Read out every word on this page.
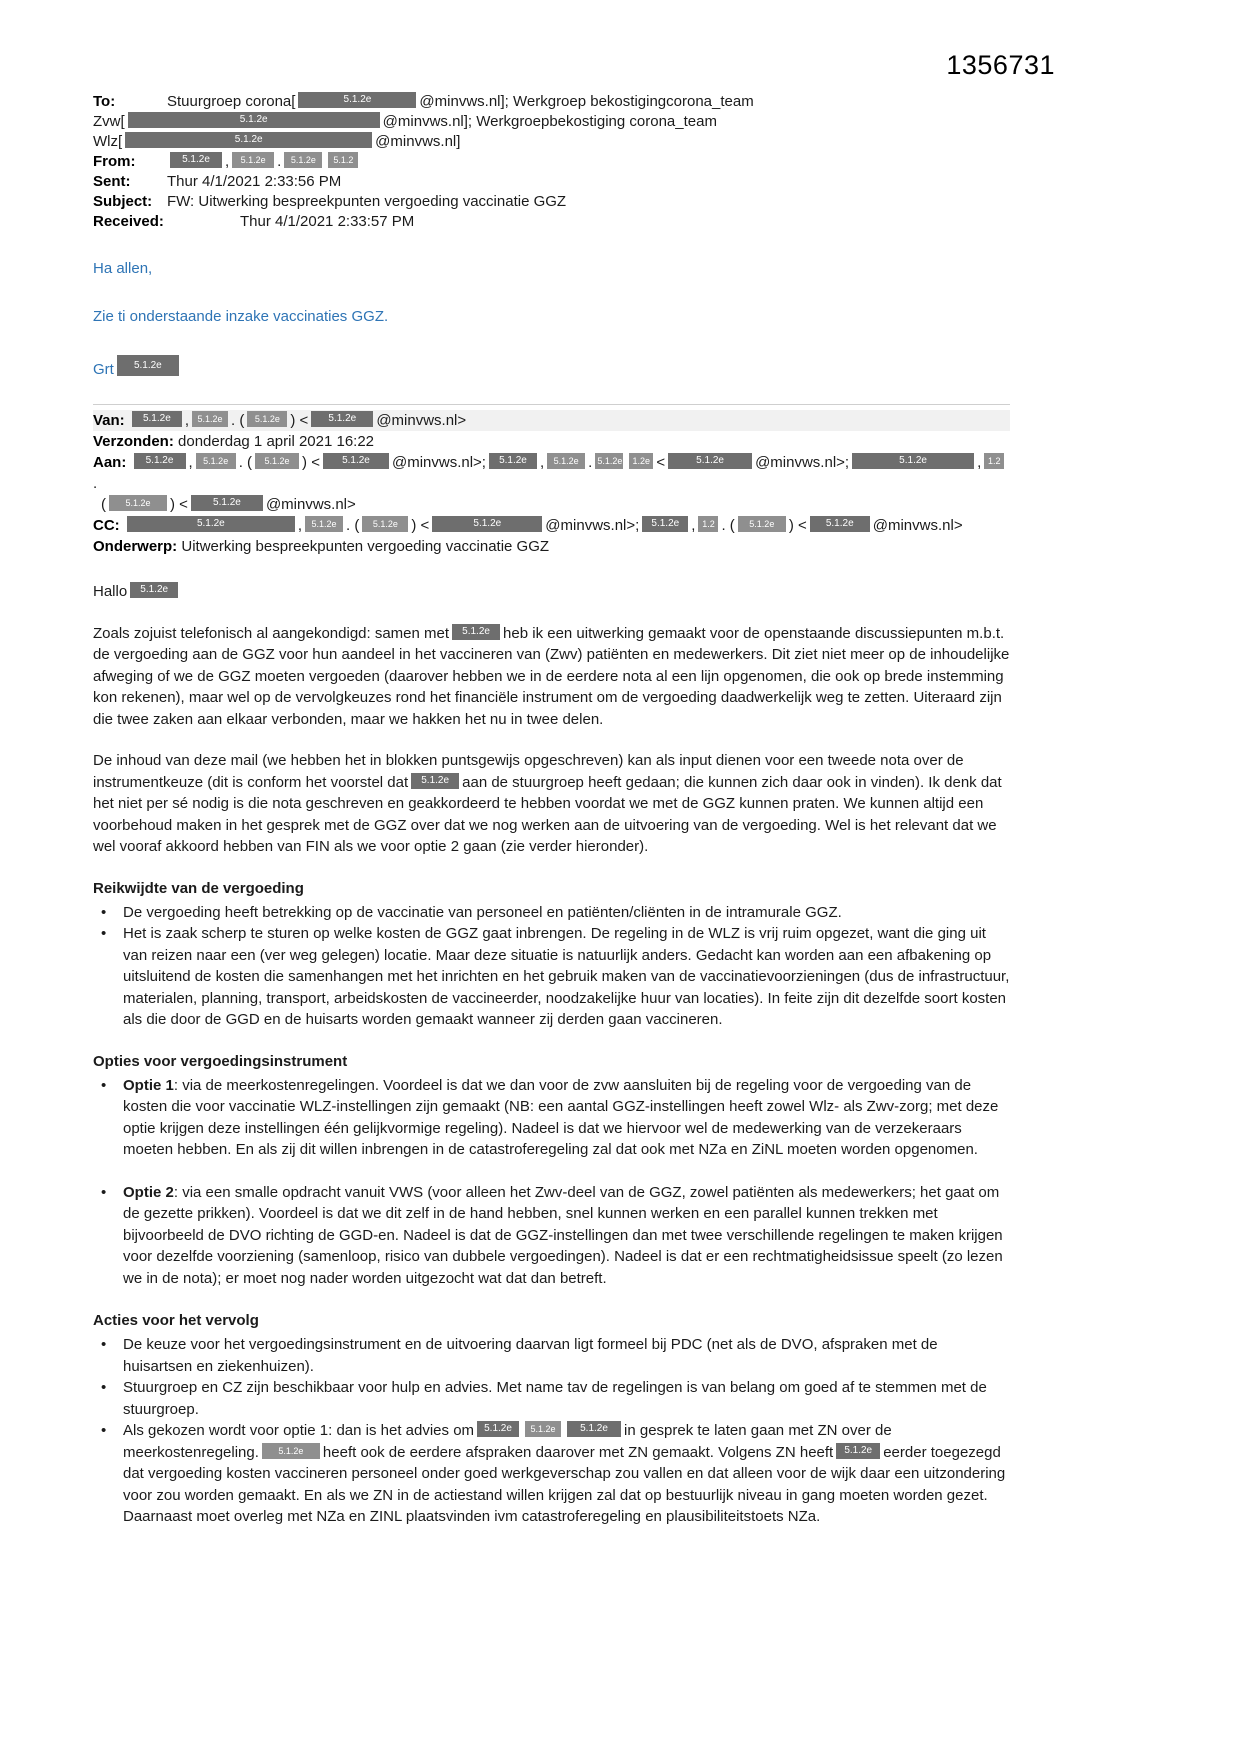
1356731
To:	Stuurgroep corona[	5.1.2e	@minvws.nl]; Werkgroep bekostigingcorona_team
Zvw[	5.1.2e	@minvws.nl]; Werkgroepbekostiging corona_team
Wlz[	5.1.2e	@minvws.nl]
From:	5.1.2e , 5.1.2e . 5.1.2e 5.1.2
Sent:	Thur 4/1/2021 2:33:56 PM
Subject: FW: Uitwerking bespreekpunten vergoeding vaccinatie GGZ
Received:	Thur 4/1/2021 2:33:57 PM

Ha allen,

Zie ti onderstaande inzake vaccinaties GGZ.

Grt 5.1.2e

Van: 5.1.2e , 5.1.2e . ( 5.1.2e ) < 5.1.2e @minvws.nl>
Verzonden: donderdag 1 april 2021 16:22
Aan: 5.1.2e , 5.1.2e . ( 5.1.2e ) < 5.1.2e @minvws.nl>; 5.1.2e , 5.1.2e . 5.1.2e 1.2e <	5.1.2e @minvws.nl>;	5.1.2e	, 1.2.
( 5.1.2e ) <	5.1.2e @minvws.nl>
CC:	5.1.2e	, 5.1.2e . ( 5.1.2e ) <	5.1.2e	@minvws.nl>; 5.1.2e , 1.2 . ( 5.1.2e ) < 5.1.2e @minvws.nl>
Onderwerp: Uitwerking bespreekpunten vergoeding vaccinatie GGZ

Hallo 5.1.2e

Zoals zojuist telefonisch al aangekondigd: samen met 5.1.2e heb ik een uitwerking gemaakt voor de openstaande discussiepunten m.b.t. de vergoeding aan de GGZ voor hun aandeel in het vaccineren van (Zwv) patiënten en medewerkers. Dit ziet niet meer op de inhoudelijke afweging of we de GGZ moeten vergoeden (daarover hebben we in de eerdere nota al een lijn opgenomen, die ook op brede instemming kon rekenen), maar wel op de vervolgkeuzes rond het financiële instrument om de vergoeding daadwerkelijk weg te zetten. Uiteraard zijn die twee zaken aan elkaar verbonden, maar we hakken het nu in twee delen.

De inhoud van deze mail (we hebben het in blokken puntsgewijs opgeschreven) kan als input dienen voor een tweede nota over de instrumentkeuze (dit is conform het voorstel dat 5.1.2e aan de stuurgroep heeft gedaan; die kunnen zich daar ook in vinden). Ik denk dat het niet per sé nodig is die nota geschreven en geakkordeerd te hebben voordat we met de GGZ kunnen praten. We kunnen altijd een voorbehoud maken in het gesprek met de GGZ over dat we nog werken aan de uitvoering van de vergoeding. Wel is het relevant dat we wel vooraf akkoord hebben van FIN als we voor optie 2 gaan (zie verder hieronder).

Reikwijdte van de vergoeding
•
De vergoeding heeft betrekking op de vaccinatie van personeel en patiënten/cliënten in de intramurale GGZ.
•
Het is zaak scherp te sturen op welke kosten de GGZ gaat inbrengen. De regeling in de WLZ is vrij ruim opgezet, want die ging uit van reizen naar een (ver weg gelegen) locatie. Maar deze situatie is natuurlijk anders. Gedacht kan worden aan een afbakening op uitsluitend de kosten die samenhangen met het inrichten en het gebruik maken van de vaccinatievoorzieningen (dus de infrastructuur, materialen, planning, transport, arbeidskosten de vaccineerder, noodzakelijke huur van locaties). In feite zijn dit dezelfde soort kosten als die door de GGD en de huisarts worden gemaakt wanneer zij derden gaan vaccineren.
Opties voor vergoedingsinstrument
•
Optie 1: via de meerkostenregelingen. Voordeel is dat we dan voor de zvw aansluiten bij de regeling voor de vergoeding van de kosten die voor vaccinatie WLZ-instellingen zijn gemaakt (NB: een aantal GGZ-instellingen heeft zowel Wlz- als Zwv-zorg; met deze optie krijgen deze instellingen één gelijkvormige regeling). Nadeel is dat we hiervoor wel de medewerking van de verzekeraars moeten hebben. En als zij dit willen inbrengen in de catastroferegeling zal dat ook met NZa en ZiNL moeten worden opgenomen.
•
Optie 2: via een smalle opdracht vanuit VWS (voor alleen het Zwv-deel van de GGZ, zowel patiënten als medewerkers; het gaat om de gezette prikken). Voordeel is dat we dit zelf in de hand hebben, snel kunnen werken en een parallel kunnen trekken met bijvoorbeeld de DVO richting de GGD-en. Nadeel is dat de GGZ-instellingen dan met twee verschillende regelingen te maken krijgen voor dezelfde voorziening (samenloop, risico van dubbele vergoedingen). Nadeel is dat er een rechtmatigheidsissue speelt (zo lezen we in de nota); er moet nog nader worden uitgezocht wat dat dan betreft.
Acties voor het vervolg
•
De keuze voor het vergoedingsinstrument en de uitvoering daarvan ligt formeel bij PDC (net als de DVO, afspraken met de huisartsen en ziekenhuizen).
•
Stuurgroep en CZ zijn beschikbaar voor hulp en advies. Met name tav de regelingen is van belang om goed af te stemmen met de stuurgroep.
•
Als gekozen wordt voor optie 1: dan is het advies om 5.1.2e 5.1.2e 5.1.2e in gesprek te laten gaan met ZN over de meerkostenregeling. 5.1.2e heeft ook de eerdere afspraken daarover met ZN gemaakt. Volgens ZN heeft 5.1.2e eerder toegezegd dat vergoeding kosten vaccineren personeel onder goed werkgeverschap zou vallen en dat alleen voor de wijk daar een uitzondering voor zou worden gemaakt. En als we ZN in de actiestand willen krijgen zal dat op bestuurlijk niveau in gang moeten worden gezet. Daarnaast moet overleg met NZa en ZINL plaatsvinden ivm catastroferegeling en plausibiliteitstoets NZa.
